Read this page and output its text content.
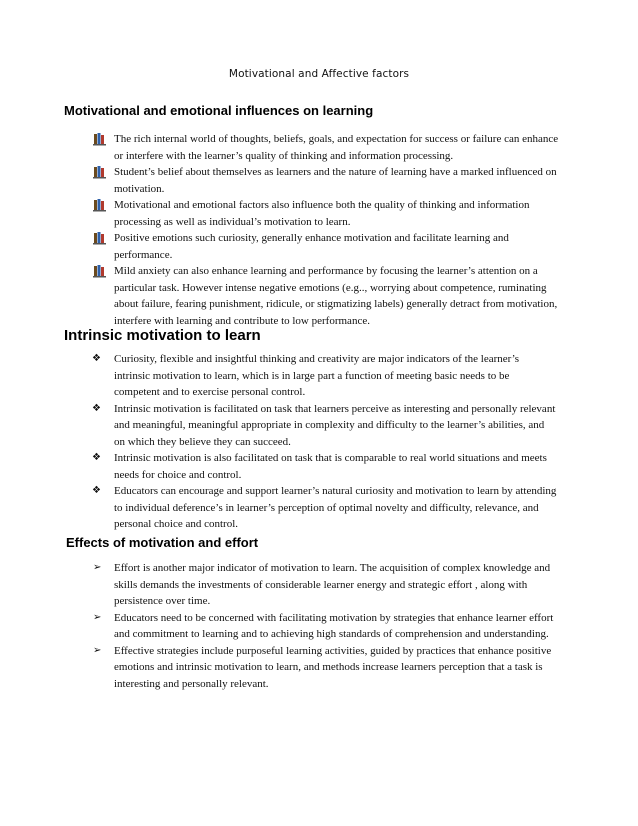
Motivational and Affective factors
Motivational and emotional influences on learning
The rich internal world of thoughts, beliefs, goals, and expectation for success or failure can enhance or interfere with the learner’s quality of thinking and information processing.
Student’s belief about themselves as learners and the nature of learning have a marked influenced on motivation.
Motivational and emotional factors also influence both the quality of thinking and information processing as well as individual’s motivation to learn.
Positive emotions such curiosity, generally enhance motivation and facilitate learning and performance.
Mild anxiety can also enhance learning and performance by focusing the learner’s attention on a particular task. However intense negative emotions (e.g.., worrying about competence, ruminating about failure, fearing punishment, ridicule, or stigmatizing labels) generally detract from motivation, interfere with learning and contribute to low performance.
Intrinsic motivation to learn
❖	Curiosity, flexible and insightful thinking and creativity are major indicators of the learner’s intrinsic motivation to learn, which is in large part a function of meeting basic needs to be competent and to exercise personal control.
❖	Intrinsic motivation is facilitated on task that learners perceive as interesting and personally relevant and meaningful, meaningful appropriate in complexity and difficulty to the learner’s abilities, and on which they believe they can succeed.
❖	Intrinsic motivation is also facilitated on task that is comparable to real world situations and meets needs for choice and control.
❖	Educators can encourage and support learner’s natural curiosity and motivation to learn by attending to individual deference’s in learner’s perception of optimal novelty and difficulty, relevance, and personal choice and control.
Effects of motivation and effort
➢	Effort is another major indicator of motivation to learn. The acquisition of complex knowledge and skills demands the investments of considerable learner energy and strategic effort , along with persistence over time.
➢	Educators need to be concerned with facilitating motivation by strategies that enhance learner effort and commitment to learning and to achieving high standards of comprehension and understanding.
➢	Effective strategies include purposeful learning activities, guided by practices that enhance positive emotions and intrinsic motivation to learn, and methods increase learners perception that a task is interesting and personally relevant.
